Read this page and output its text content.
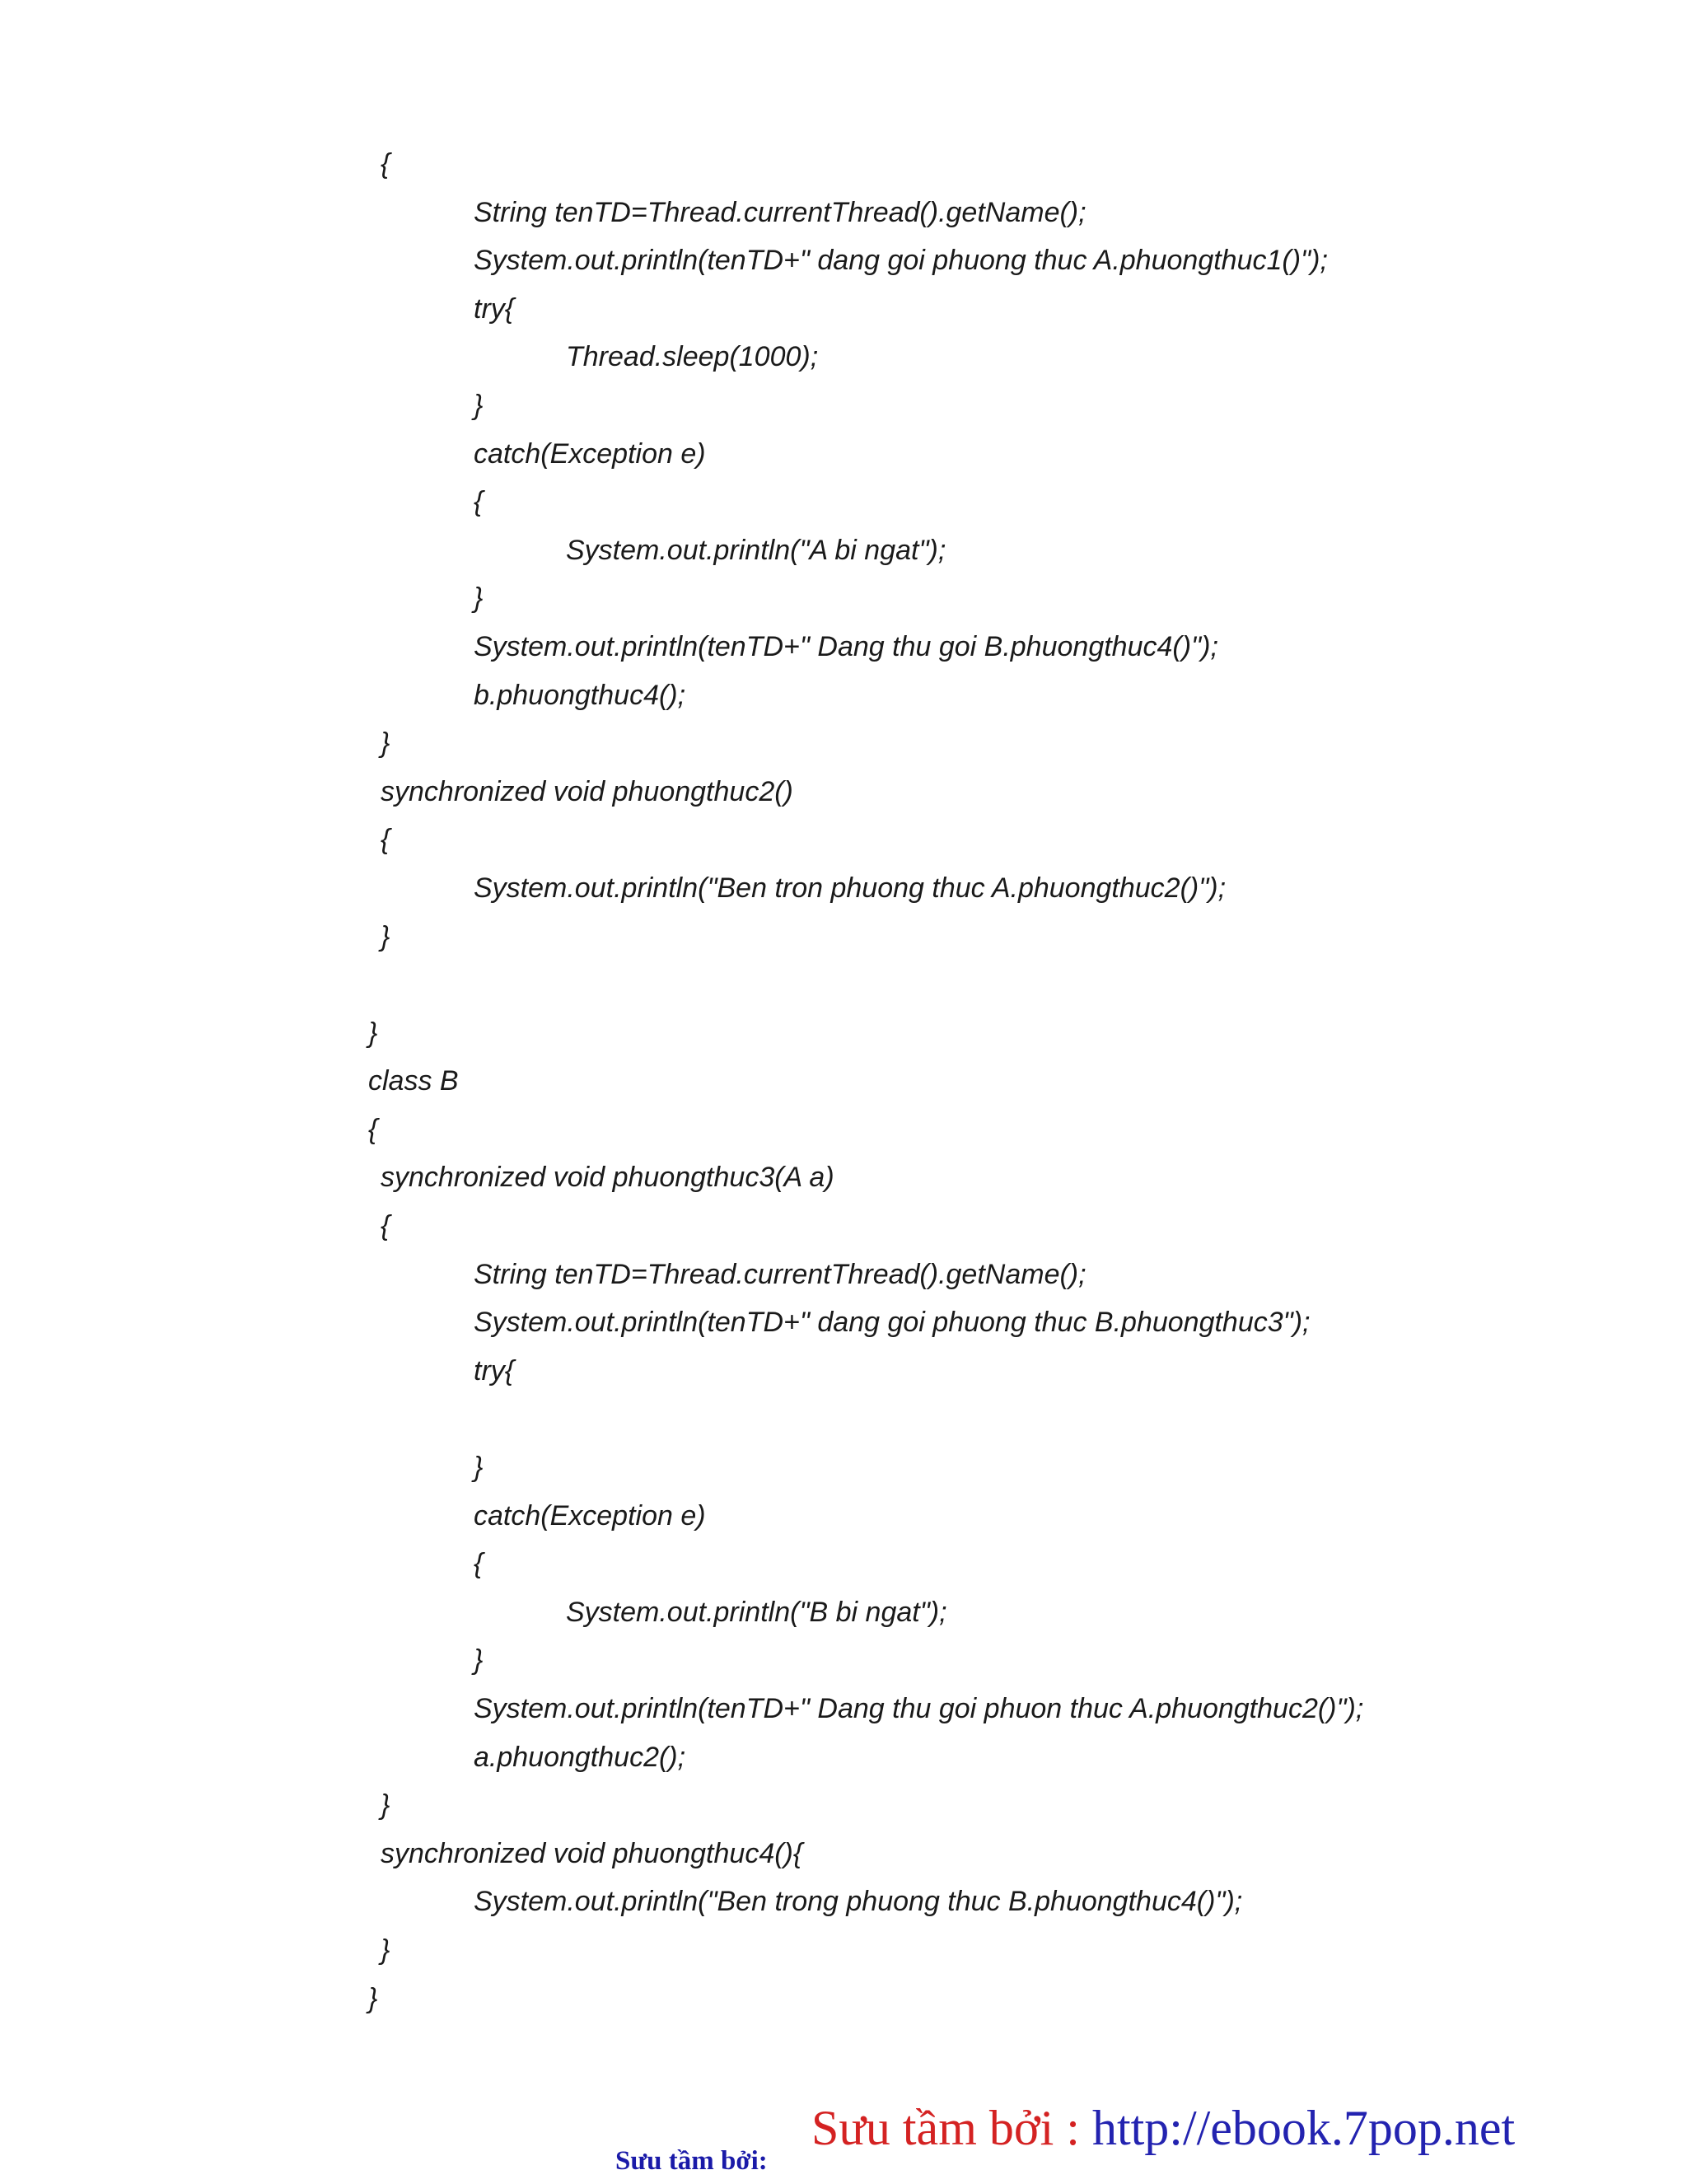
{
String tenTD=Thread.currentThread().getName();
System.out.println(tenTD+" dang goi phuong thuc A.phuongthuc1()");
try{
Thread.sleep(1000);
}
catch(Exception e)
{
System.out.println("A bi ngat");
}
System.out.println(tenTD+" Dang thu goi B.phuongthuc4()");
b.phuongthuc4();
}
synchronized void phuongthuc2()
{
System.out.println("Ben tron phuong thuc A.phuongthuc2()");
}
}
class B
{
synchronized void phuongthuc3(A a)
{
String tenTD=Thread.currentThread().getName();
System.out.println(tenTD+" dang goi phuong thuc B.phuongthuc3");
try{
}
catch(Exception e)
{
System.out.println("B bi ngat");
}
System.out.println(tenTD+" Dang thu goi phuon thuc A.phuongthuc2()");
a.phuongthuc2();
}
synchronized void phuongthuc4(){
System.out.println("Ben trong phuong thuc B.phuongthuc4()");
}
}
Sưu tầm bởi:
Sưu tầm bởi : http://ebook.7pop.net
